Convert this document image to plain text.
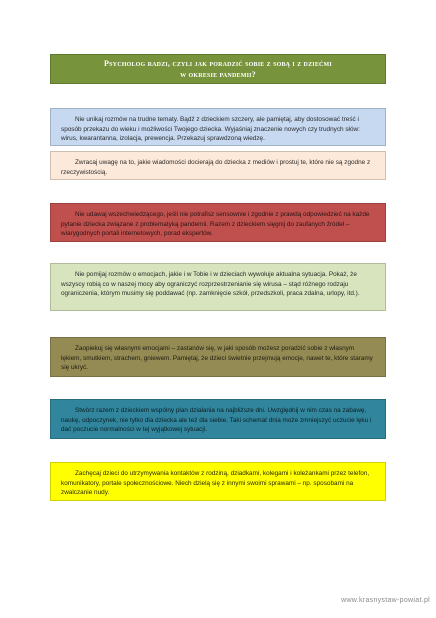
Psycholog radzi, czyli jak poradzić sobie z sobą i z dziećmi
w okresie pandemii?

Nie unikaj rozmów na trudne tematy. Bądź z dzieckiem szczery, ale pamiętaj, aby dostosować treść i sposób przekazu do wieku i możliwości Twojego dziecka. Wyjaśniaj znaczenie nowych czy trudnych słów: wirus, kwarantanna, izolacja, prewencja. Przekazuj sprawdzoną wiedzę.

Zwracaj uwagę na to, jakie wiadomości docierają do dziecka z mediów i prostuj te, które nie są zgodne z rzeczywistością.

Nie udawaj wszechwiedzącego, jeśli nie potrafisz sensownie i zgodnie z prawdą odpowiedzieć na każde pytanie dziecka związane z problematyką pandemii. Razem z dzieckiem sięgnij do zaufanych źródeł – wiarygodnych portali internetowych, porad ekspertów.

Nie pomijaj rozmów o emocjach, jakie i w Tobie i w dzieciach wywołuje aktualna sytuacja. Pokaż, że wszyscy robią co w naszej mocy aby ograniczyć rozprzestrzenianie się wirusa – stąd różnego rodzaju ograniczenia, którym musimy się poddawać (np. zamknięcie szkół, przedszkoli, praca zdalna, urlopy, itd.).

Zaopiekuj się własnymi emocjami – zastanów się, w jaki sposób możesz poradzić sobie z własnym lękiem, smutkiem, strachem, gniewem. Pamiętaj, że dzieci świetnie przejmują emocje, nawet te, które staramy się ukryć.

Stwórz razem z dzieckiem wspólny plan działania na najbliższe dni. Uwzględnij w nim czas na zabawę, naukę, odpoczynek, nie tylko dla dziecka ale też dla siebie. Taki schemat dnia może zmniejszyć uczucie lęku i dać poczucie normalności w tej wyjątkowej sytuacji.

Zachęcaj dzieci do utrzymywania kontaktów z rodziną, dziadkami, kolegami i koleżankami przez telefon, komunikatory, portale społecznościowe. Niech dzielą się z innymi swoimi sprawami – np. sposobami na zwalczanie nudy.

www.krasnystaw-powiat.pl
